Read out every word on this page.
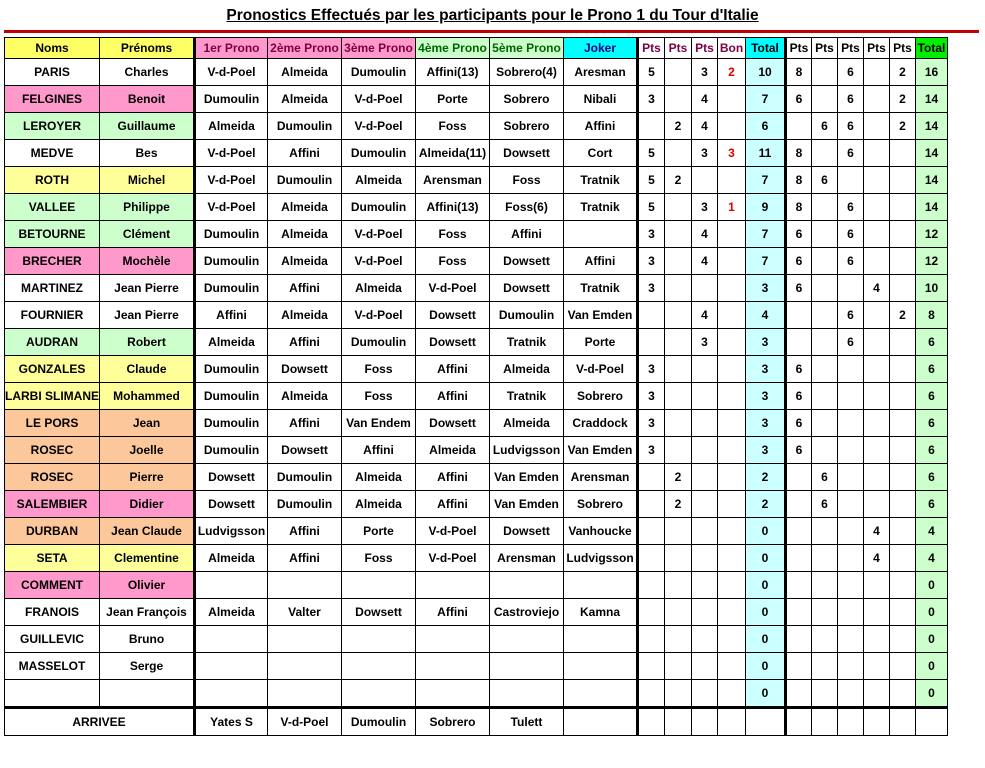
Pronostics Effectués par les participants pour le Prono 1 du Tour d'Italie
Noms	Prénoms	1er Prono	2ème Prono	3ème Prono	4ème Prono	5ème Prono	Joker	Pts	Pts	Pts	Bon	Total	Pts	Pts	Pts	Pts	Pts	Total
PARIS	Charles	V-d-Poel	Almeida	Dumoulin	Affini(13)	Sobrero(4)	Aresman	5		3	2	10	8		6		2	16
FELGINES	Benoit	Dumoulin	Almeida	V-d-Poel	Porte	Sobrero	Nibali	3		4		7	6		6		2	14
LEROYER	Guillaume	Almeida	Dumoulin	V-d-Poel	Foss	Sobrero	Affini		2	4		6		6	6		2	14
MEDVE	Bes	V-d-Poel	Affini	Dumoulin	Almeida(11)	Dowsett	Cort	5		3	3	11	8		6			14
ROTH	Michel	V-d-Poel	Dumoulin	Almeida	Arensman	Foss	Tratnik	5	2			7	8	6				14
VALLEE	Philippe	V-d-Poel	Almeida	Dumoulin	Affini(13)	Foss(6)	Tratnik	5		3	1	9	8		6			14
BETOURNE	Clément	Dumoulin	Almeida	V-d-Poel	Foss	Affini		3		4		7	6		6			12
BRECHER	Mochèle	Dumoulin	Almeida	V-d-Poel	Foss	Dowsett	Affini	3		4		7	6		6			12
MARTINEZ	Jean Pierre	Dumoulin	Affini	Almeida	V-d-Poel	Dowsett	Tratnik	3				3	6			4		10
FOURNIER	Jean Pierre	Affini	Almeida	V-d-Poel	Dowsett	Dumoulin	Van Emden			4		4			6		2	8
AUDRAN	Robert	Almeida	Affini	Dumoulin	Dowsett	Tratnik	Porte			3		3			6			6
GONZALES	Claude	Dumoulin	Dowsett	Foss	Affini	Almeida	V-d-Poel	3				3	6					6
LARBI SLIMANE	Mohammed	Dumoulin	Almeida	Foss	Affini	Tratnik	Sobrero	3				3	6					6
LE PORS	Jean	Dumoulin	Affini	Van Endem	Dowsett	Almeida	Craddock	3				3	6					6
ROSEC	Joelle	Dumoulin	Dowsett	Affini	Almeida	Ludvigsson	Van Emden	3				3	6					6
ROSEC	Pierre	Dowsett	Dumoulin	Almeida	Affini	Van Emden	Arensman		2			2		6				6
SALEMBIER	Didier	Dowsett	Dumoulin	Almeida	Affini	Van Emden	Sobrero		2			2		6				6
DURBAN	Jean Claude	Ludvigsson	Affini	Porte	V-d-Poel	Dowsett	Vanhoucke					0				4		4
SETA	Clementine	Almeida	Affini	Foss	V-d-Poel	Arensman	Ludvigsson					0				4		4
COMMENT	Olivier											0						0
FRANOIS	Jean François	Almeida	Valter	Dowsett	Affini	Castroviejo	Kamna					0						0
GUILLEVIC	Bruno											0						0
MASSELOT	Serge											0						0
												0						0
ARRIVEE		Yates S	V-d-Poel	Dumoulin	Sobrero	Tulett												
